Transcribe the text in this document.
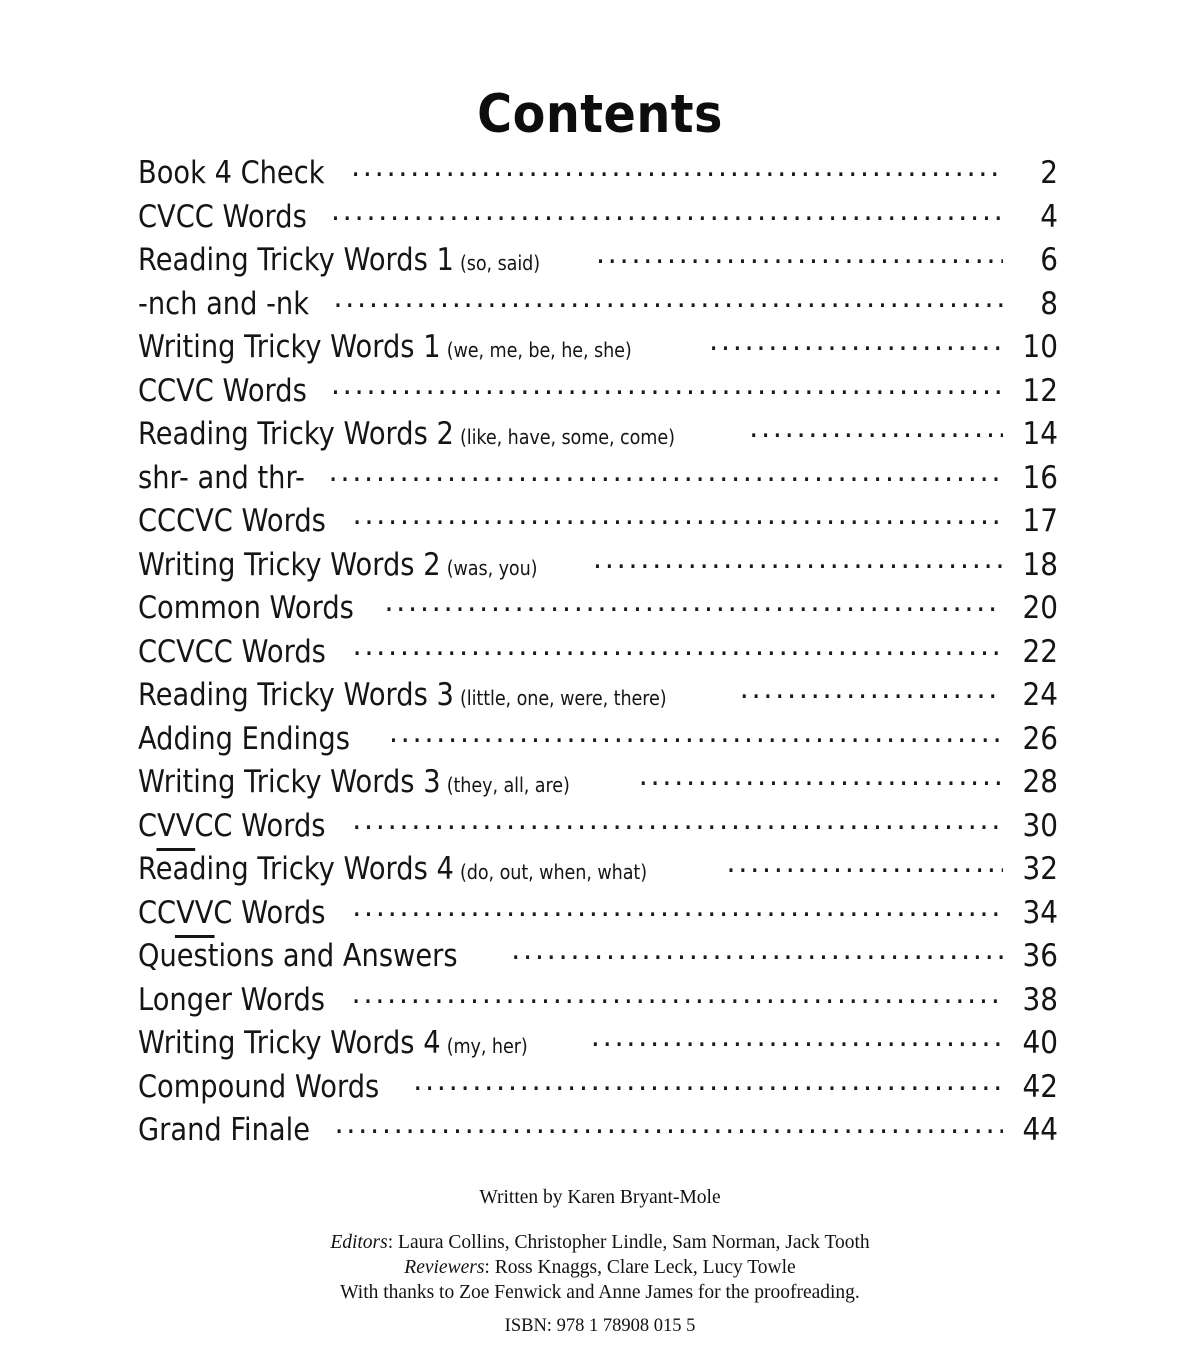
Contents
Book 4 Check . . .	2
CVCC Words . . .	4
Reading Tricky Words 1 (so, said) . . .	6
-nch and -nk . . .	8
Writing Tricky Words 1 (we, me, be, he, she) . . .	10
CCVC Words . . .	12
Reading Tricky Words 2 (like, have, some, come) . . .	14
shr- and thr- . . .	16
CCCVC Words . . .	17
Writing Tricky Words 2 (was, you) . . .	18
Common Words . . .	20
CCVCC Words . . .	22
Reading Tricky Words 3 (little, one, were, there) . . .	24
Adding Endings . . .	26
Writing Tricky Words 3 (they, all, are) . . .	28
CVVCC Words . . .	30
Reading Tricky Words 4 (do, out, when, what) . . .	32
CCVVC Words . . .	34
Questions and Answers . . .	36
Longer Words . . .	38
Writing Tricky Words 4 (my, her) . . .	40
Compound Words . . .	42
Grand Finale . . .	44
Written by Karen Bryant-Mole
Editors: Laura Collins, Christopher Lindle, Sam Norman, Jack Tooth
Reviewers: Ross Knaggs, Clare Leck, Lucy Towle
With thanks to Zoe Fenwick and Anne James for the proofreading.
ISBN: 978 1 78908 015 5
